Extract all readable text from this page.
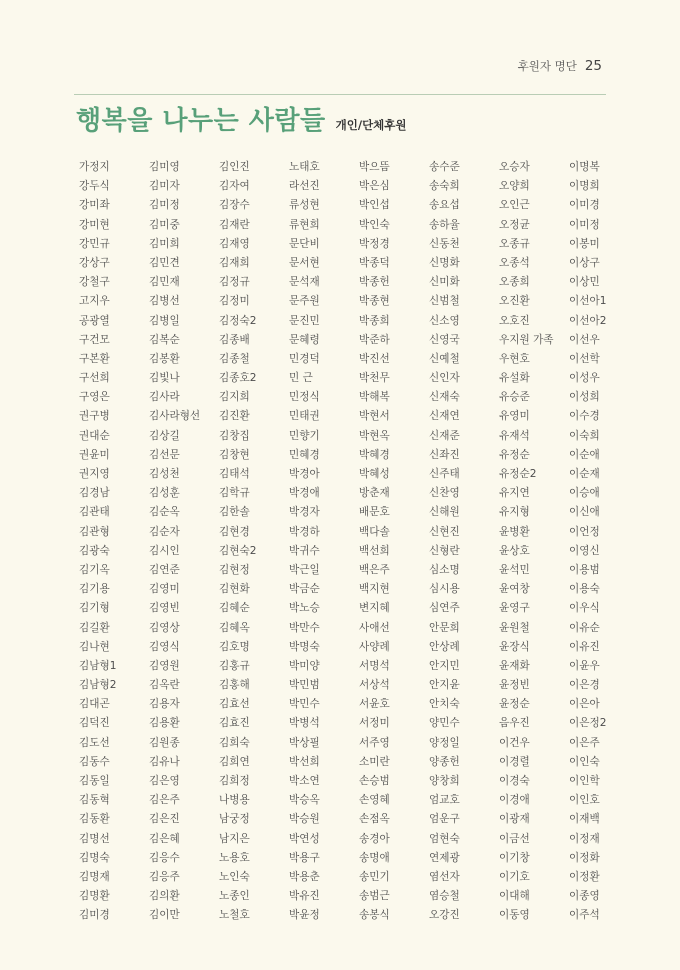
후원자 명단 25
행복을 나누는 사람들 개인/단체후원
가정지	김미영	김인진	노태호	박으뜸	송수준	오승자	이명복
강두식	김미자	김자여	라선진	박은심	송숙희	오양희	이명희
강미좌	김미정	김장수	류성현	박인섭	송요섭	오인근	이미경
강미현	김미중	김재란	류현희	박인숙	송하율	오정균	이미정
강민규	김미희	김재영	문단비	박정경	신동천	오종규	이봉미
강상구	김민견	김재희	문서현	박종덕	신명화	오종석	이상구
강철구	김민재	김정규	문석재	박종헌	신미화	오종희	이상민
고지우	김병선	김정미	문주원	박종현	신범철	오진환	이선아1
공광열	김병일	김정숙2	문진민	박종희	신소영	오호진	이선아2
구건모	김복순	김종배	문혜령	박준하	신영국	우지원 가족	이선우
구본환	김봉환	김종철	민경덕	박진선	신예철	우현호	이선학
구선희	김빛나	김종호2	민 근	박천무	신인자	유설화	이성우
구영은	김사라	김지희	민정식	박해복	신재숙	유승준	이성희
권구병	김사라형선	김진환	민태권	박현서	신재연	유영미	이수경
권대순	김상길	김창집	민향기	박현옥	신재준	유재석	이숙희
권윤미	김선문	김창현	민혜경	박혜경	신좌진	유정순	이순애
권지영	김성천	김태석	박경아	박혜성	신주태	유정순2	이순재
김경남	김성훈	김학규	박경애	방춘재	신찬영	유지연	이승애
김관태	김순옥	김한솔	박경자	배문호	신해원	유지형	이신애
김관형	김순자	김현경	박경하	백다솔	신현진	윤병환	이언정
김광숙	김시인	김현숙2	박귀수	백선희	신형란	윤상호	이영신
김기옥	김연준	김현정	박근일	백은주	심소명	윤석민	이용범
김기용	김영미	김현화	박금순	백지현	심시용	윤여창	이용숙
김기형	김영빈	김혜순	박노승	변지혜	심연주	윤영구	이우식
김길환	김영상	김혜옥	박만수	사애선	안문희	윤원철	이유순
김나현	김영식	김호명	박명숙	사양례	안상례	윤장식	이유진
김남형1	김영원	김홍규	박미양	서명석	안지민	윤재화	이윤우
김남형2	김옥란	김홍해	박민범	서상석	안지윤	윤정빈	이은경
김대곤	김용자	김효선	박민수	서윤호	안치숙	윤정순	이은아
김덕진	김용환	김효진	박병석	서정미	양민수	음우진	이은정2
김도선	김원종	김희숙	박상필	서주영	양정일	이건우	이은주
김동수	김유나	김희연	박선희	소미란	양종헌	이경렬	이인숙
김동일	김은영	김희정	박소연	손승범	양창희	이경숙	이인학
김동혁	김은주	나병용	박승옥	손영혜	엄교호	이경애	이인호
김동환	김은진	남궁정	박승원	손점옥	엄운구	이광재	이재백
김명선	김은혜	남지은	박연성	송경아	엄현숙	이금선	이정재
김명숙	김응수	노용호	박용구	송명애	연제광	이기창	이정화
김명재	김응주	노인숙	박용춘	송민기	염선자	이기호	이정환
김명환	김의환	노종인	박유진	송범근	염승철	이대해	이종영
김미경	김이만	노철호	박윤정	송봉식	오강진	이동영	이주석
